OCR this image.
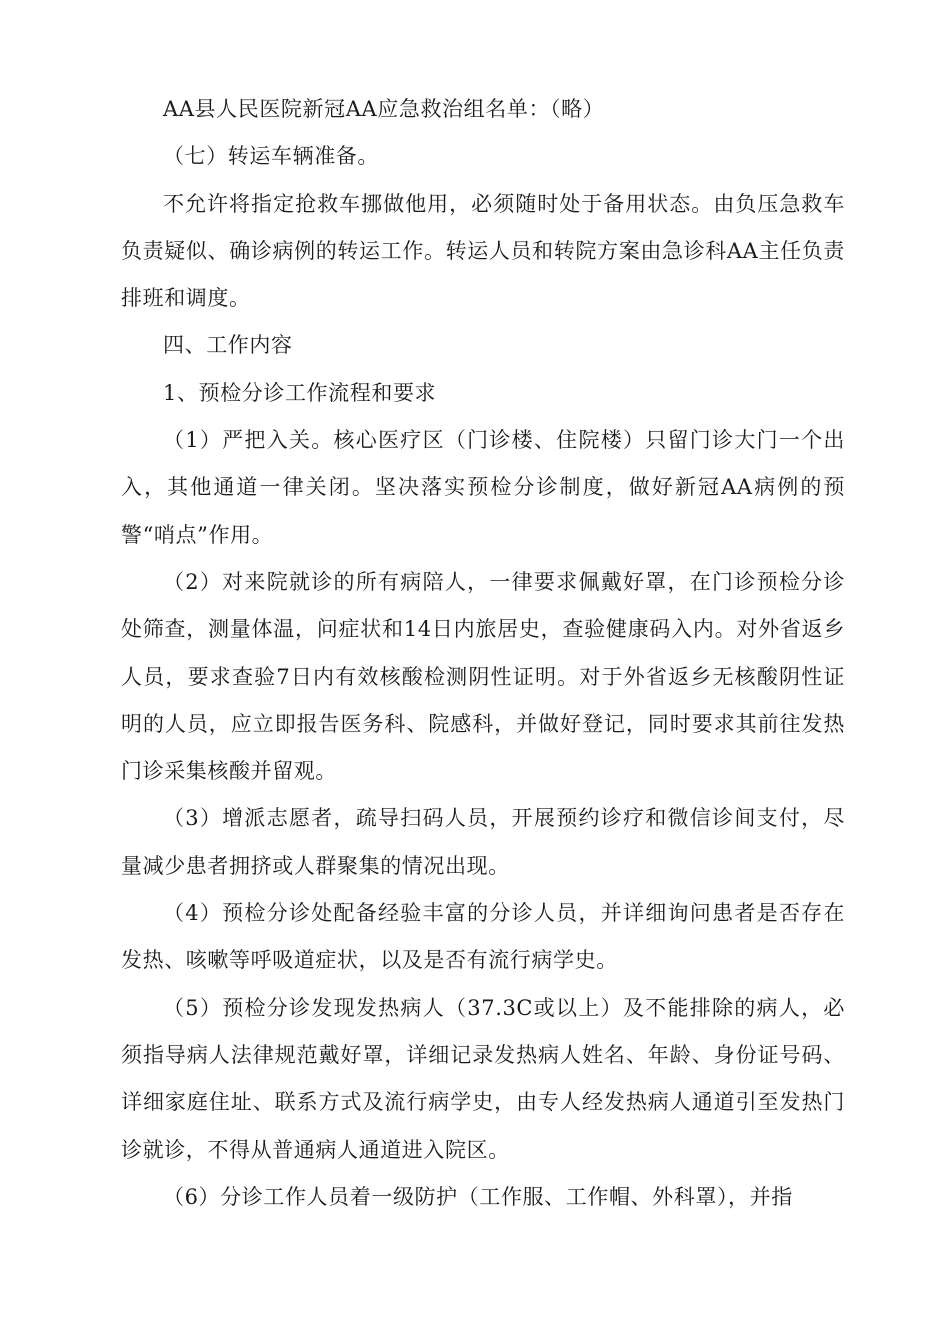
AA县人民医院新冠AA应急救治组名单：（略）

（七）转运车辆准备。

不允许将指定抢救车挪做他用，必须随时处于备用状态。由负压急救车负责疑似、确诊病例的转运工作。转运人员和转院方案由急诊科AA主任负责排班和调度。

四、工作内容

1、预检分诊工作流程和要求

（1）严把入关。核心医疗区（门诊楼、住院楼）只留门诊大门一个出入，其他通道一律关闭。坚决落实预检分诊制度，做好新冠AA病例的预警“哨点”作用。

（2）对来院就诊的所有病陪人，一律要求佩戴好罩，在门诊预检分诊处筛查，测量体温，问症状和14日内旅居史，查验健康码入内。对外省返乡人员，要求查验7日内有效核酸检测阴性证明。对于外省返乡无核酸阴性证明的人员，应立即报告医务科、院感科，并做好登记，同时要求其前往发热门诊采集核酸并留观。

（3）增派志愿者，疏导扫码人员，开展预约诊疗和微信诊间支付，尽量减少患者拥挤或人群聚集的情况出现。

（4）预检分诊处配备经验丰富的分诊人员，并详细询问患者是否存在发热、咳嗽等呼吸道症状，以及是否有流行病学史。

（5）预检分诊发现发热病人（37.3C或以上）及不能排除的病人，必须指导病人法律规范戴好罩，详细记录发热病人姓名、年龄、身份证号码、详细家庭住址、联系方式及流行病学史，由专人经发热病人通道引至发热门诊就诊，不得从普通病人通道进入院区。

（6）分诊工作人员着一级防护（工作服、工作帽、外科罩），并指
